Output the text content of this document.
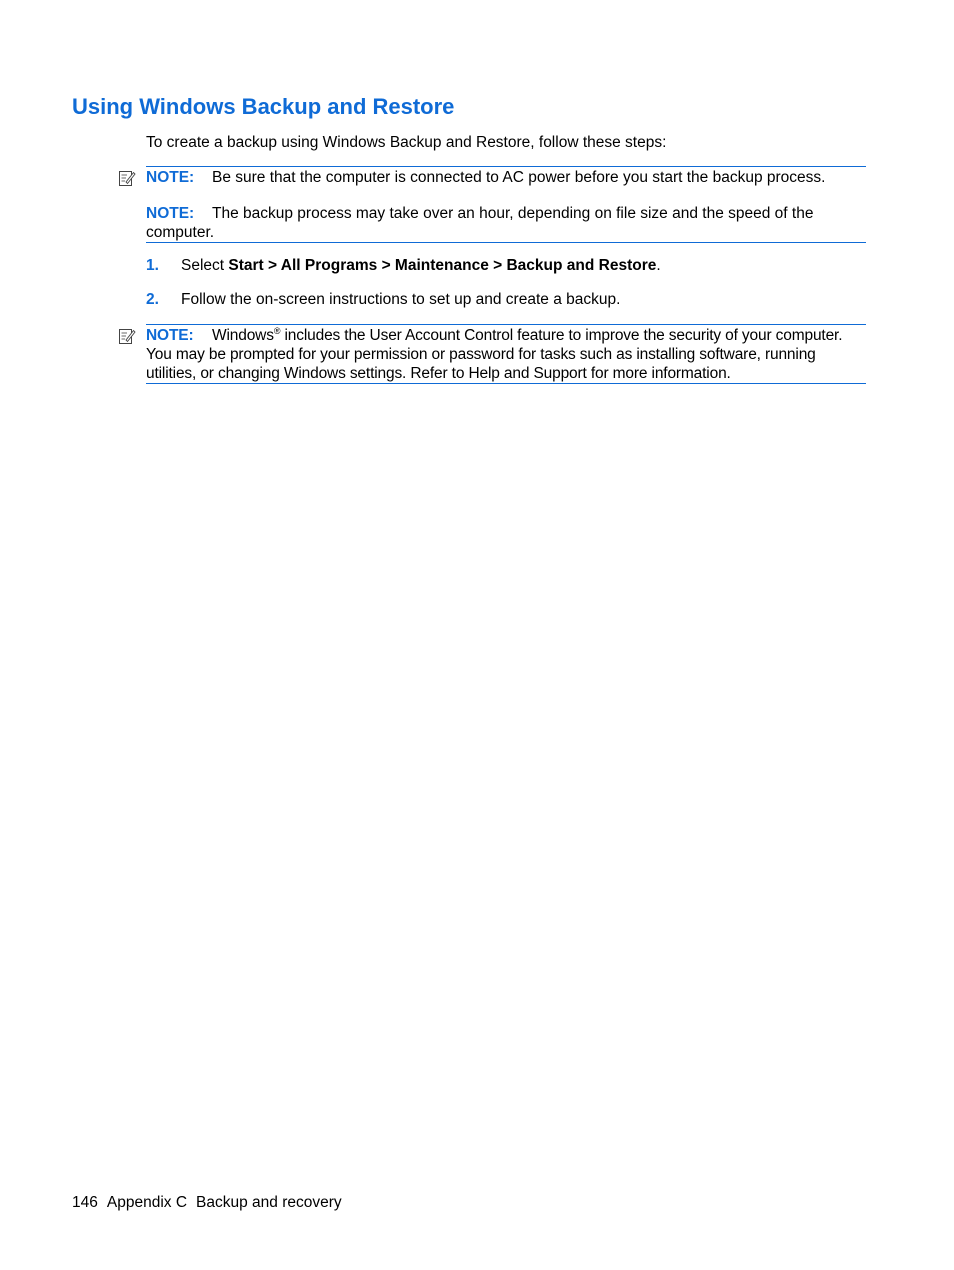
Using Windows Backup and Restore
To create a backup using Windows Backup and Restore, follow these steps:

NOTE: Be sure that the computer is connected to AC power before you start the backup process.

NOTE: The backup process may take over an hour, depending on file size and the speed of the computer.

1. Select Start > All Programs > Maintenance > Backup and Restore.
2. Follow the on-screen instructions to set up and create a backup.

NOTE: Windows® includes the User Account Control feature to improve the security of your computer. You may be prompted for your permission or password for tasks such as installing software, running utilities, or changing Windows settings. Refer to Help and Support for more information.

146 Appendix C Backup and recovery
